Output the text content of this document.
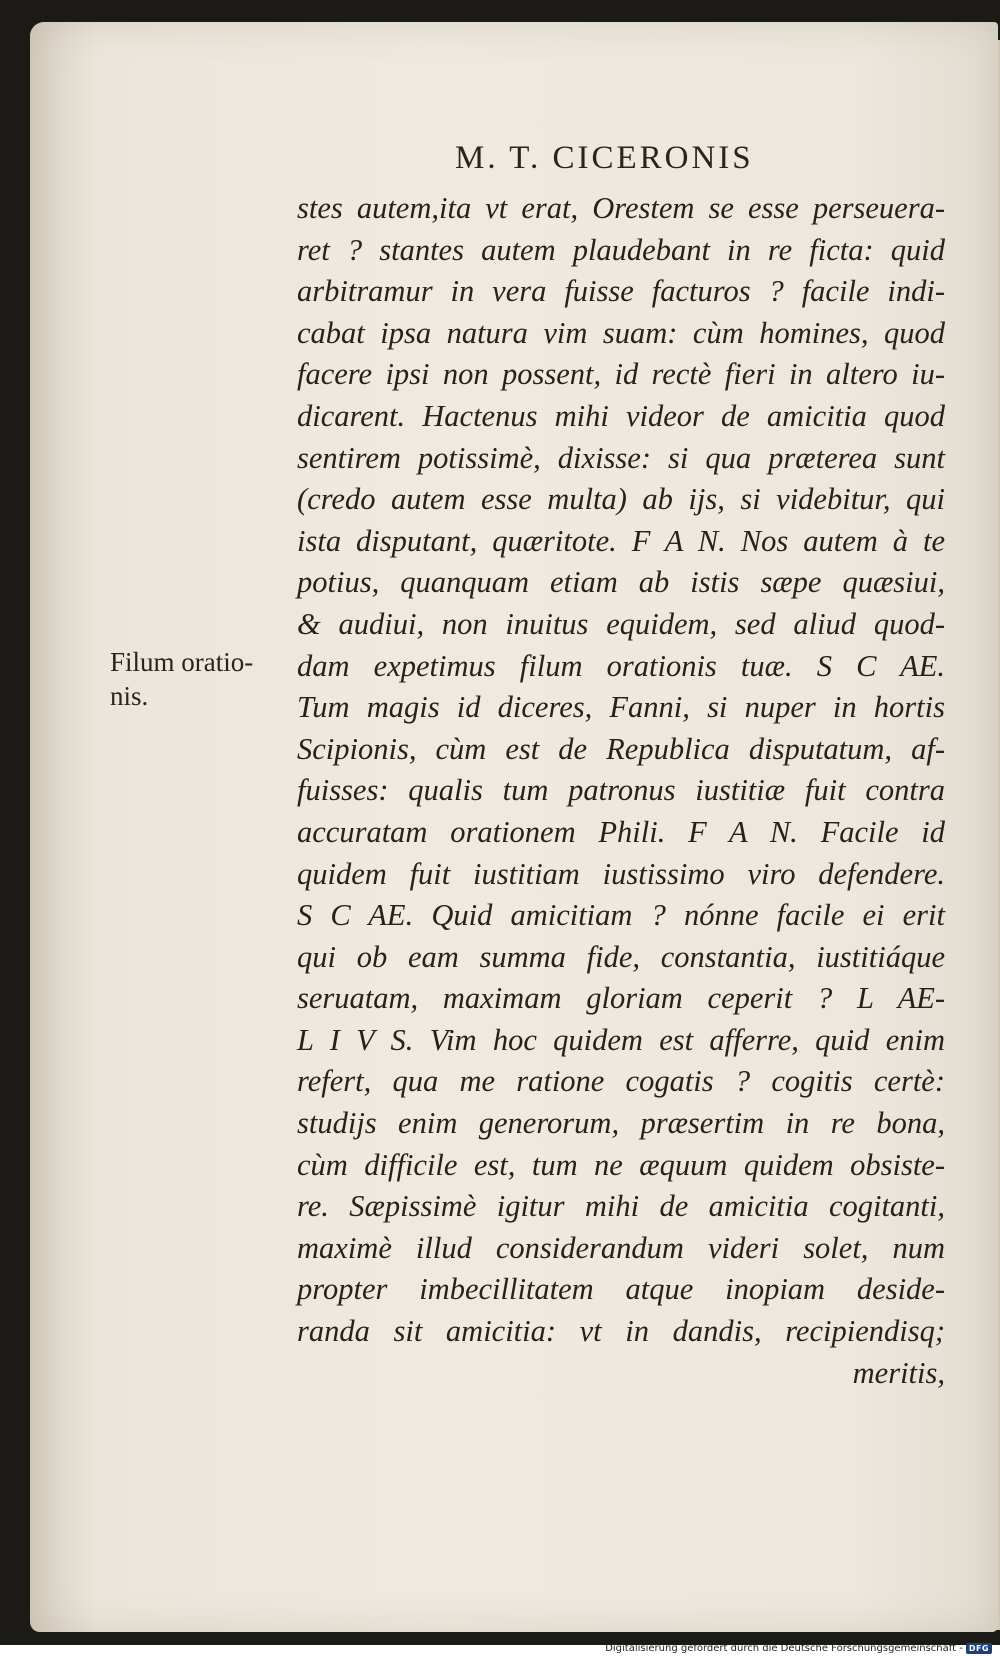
M. T. CICERONIS
Filum oratio-
nis.
stes autem,ita vt erat, Orestem se esse perseuera-
ret ? stantes autem plaudebant in re ficta: quid
arbitramur in vera fuisse facturos ? facile indi-
cabat ipsa natura vim suam: cùm homines, quod
facere ipsi non possent, id rectè fieri in altero iu-
dicarent. Hactenus mihi videor de amicitia quod
sentirem potissimè, dixisse: si qua præterea sunt
(credo autem esse multa) ab ijs, si videbitur, qui
ista disputant, quæritote. F A N. Nos autem à te
potius, quanquam etiam ab istis sæpe quæsiui,
& audiui, non inuitus equidem, sed aliud quod-
dam expetimus filum orationis tuæ. S C AE.
Tum magis id diceres, Fanni, si nuper in hortis
Scipionis, cùm est de Republica disputatum, af-
fuisses: qualis tum patronus iustitiæ fuit contra
accuratam orationem Phili. F A N. Facile id
quidem fuit iustitiam iustissimo viro defendere.
S C AE. Quid amicitiam ? nónne facile ei erit
qui ob eam summa fide, constantia, iustitiáque
seruatam, maximam gloriam ceperit ? L AE-
L I V S. Vim hoc quidem est afferre, quid enim
refert, qua me ratione cogatis ? cogitis certè:
studijs enim generorum, præsertim in re bona,
cùm difficile est, tum ne æquum quidem obsiste-
re. Sæpissimè igitur mihi de amicitia cogitanti,
maximè illud considerandum videri solet, num
propter imbecillitatem atque inopiam deside-
randa sit amicitia: vt in dandis, recipiendisq;
meritis,
Digitalisierung gefördert durch die Deutsche Forschungsgemeinschaft - DFG
